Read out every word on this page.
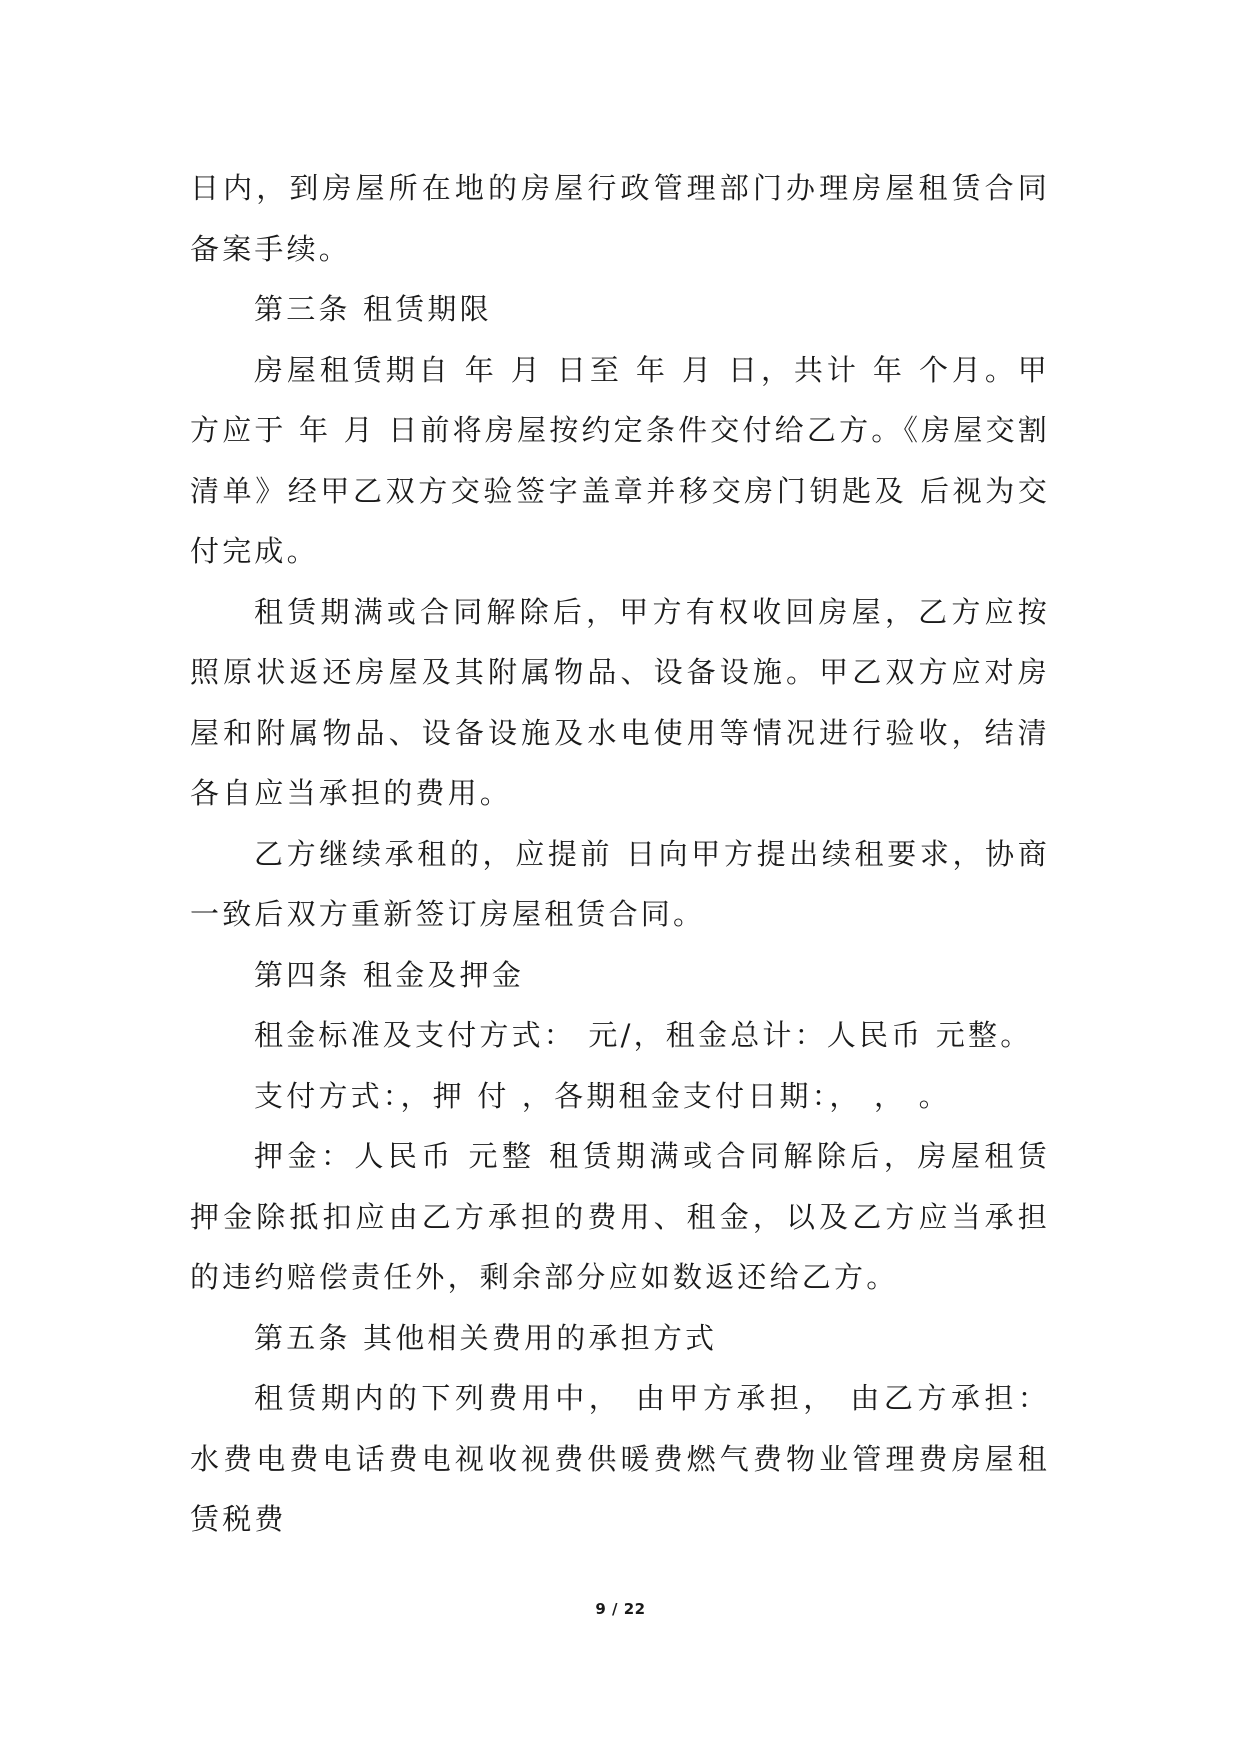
日内，到房屋所在地的房屋行政管理部门办理房屋租赁合同备案手续。

第三条 租赁期限

房屋租赁期自 年 月 日至 年 月 日，共计 年 个月。甲方应于 年 月 日前将房屋按约定条件交付给乙方。《房屋交割清单》经甲乙双方交验签字盖章并移交房门钥匙及 后视为交付完成。

租赁期满或合同解除后，甲方有权收回房屋，乙方应按照原状返还房屋及其附属物品、设备设施。甲乙双方应对房屋和附属物品、设备设施及水电使用等情况进行验收，结清各自应当承担的费用。

乙方继续承租的，应提前 日向甲方提出续租要求，协商一致后双方重新签订房屋租赁合同。

第四条 租金及押金

租金标准及支付方式： 元/，租金总计：人民币 元整。

支付方式：，押 付 ，各期租金支付日期：， ， 。

押金：人民币 元整 租赁期满或合同解除后，房屋租赁押金除抵扣应由乙方承担的费用、租金，以及乙方应当承担的违约赔偿责任外，剩余部分应如数返还给乙方。

第五条 其他相关费用的承担方式

租赁期内的下列费用中， 由甲方承担， 由乙方承担：水费电费电话费电视收视费供暖费燃气费物业管理费房屋租赁税费

9 / 22
